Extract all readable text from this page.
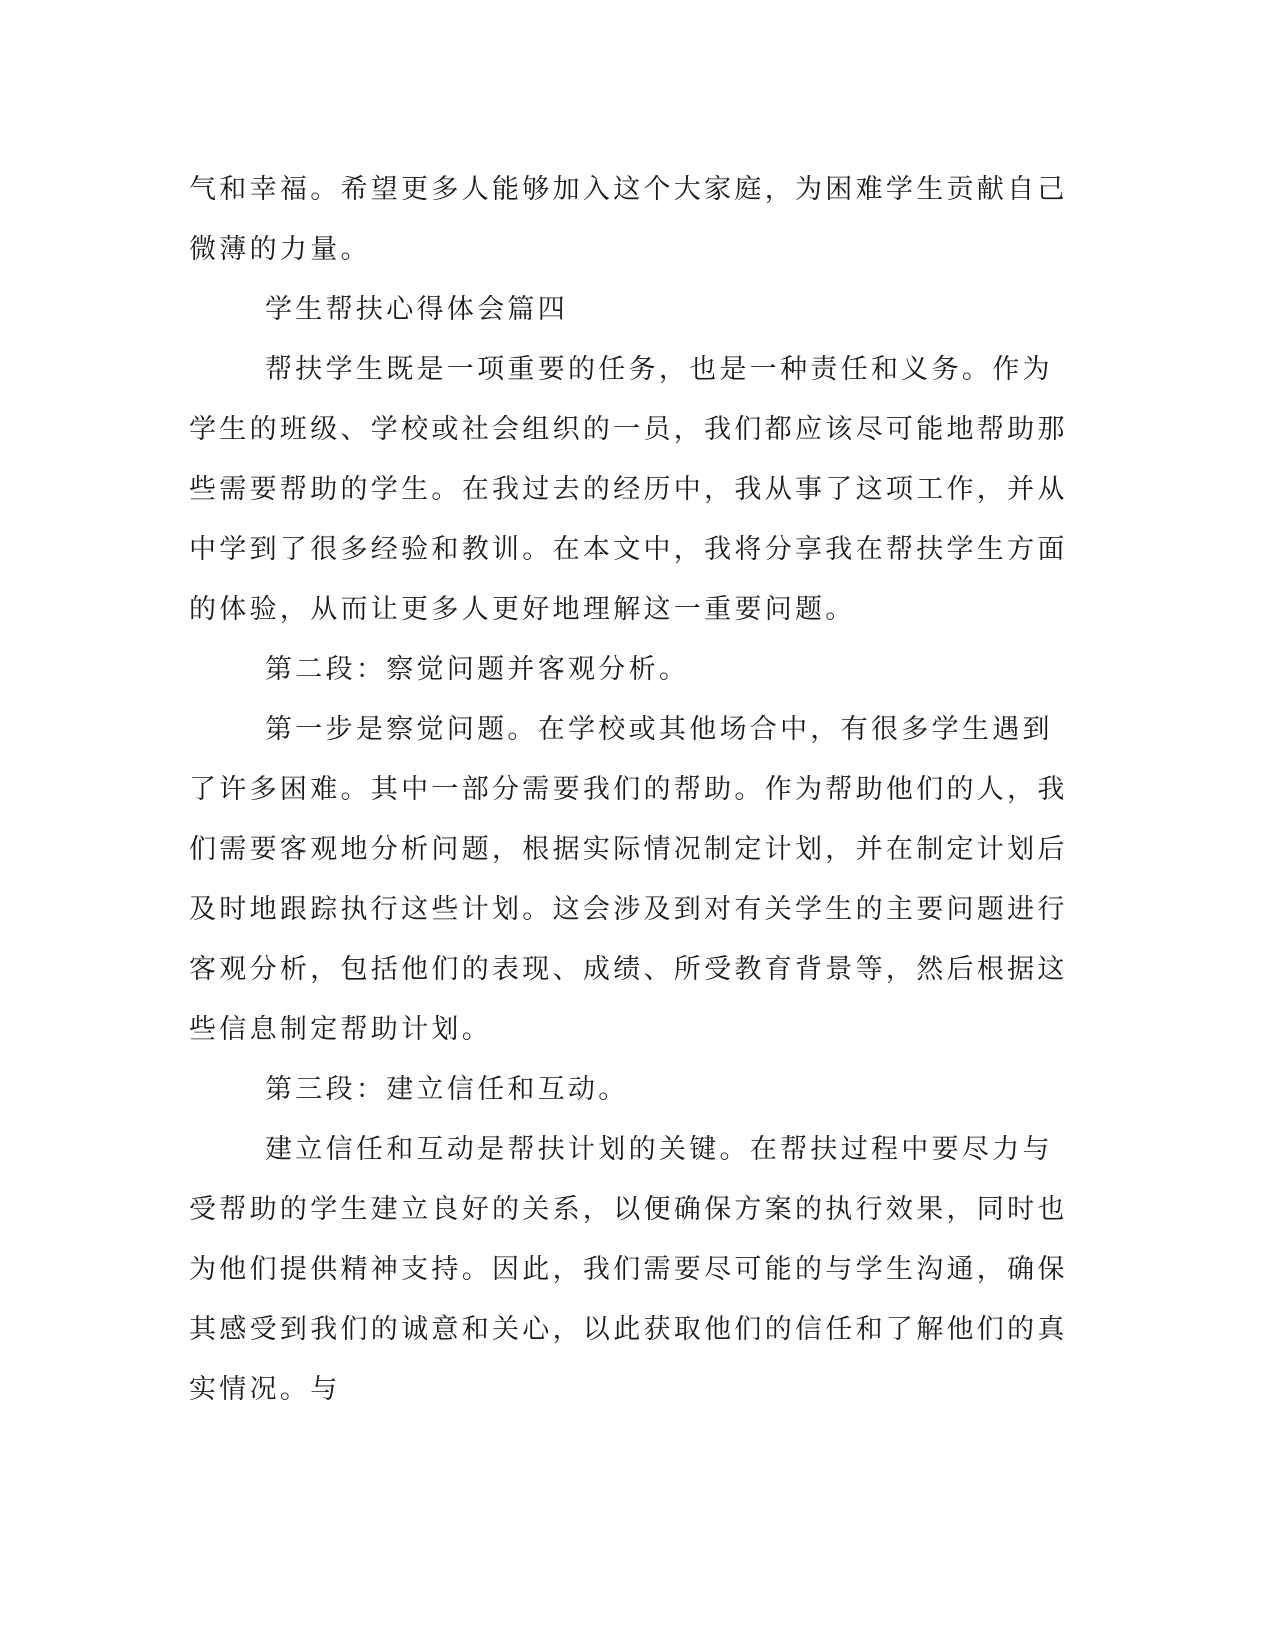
气和幸福。希望更多人能够加入这个大家庭，为困难学生贡献自己微薄的力量。

学生帮扶心得体会篇四

帮扶学生既是一项重要的任务，也是一种责任和义务。作为学生的班级、学校或社会组织的一员，我们都应该尽可能地帮助那些需要帮助的学生。在我过去的经历中，我从事了这项工作，并从中学到了很多经验和教训。在本文中，我将分享我在帮扶学生方面的体验，从而让更多人更好地理解这一重要问题。

第二段：察觉问题并客观分析。

第一步是察觉问题。在学校或其他场合中，有很多学生遇到了许多困难。其中一部分需要我们的帮助。作为帮助他们的人，我们需要客观地分析问题，根据实际情况制定计划，并在制定计划后及时地跟踪执行这些计划。这会涉及到对有关学生的主要问题进行客观分析，包括他们的表现、成绩、所受教育背景等，然后根据这些信息制定帮助计划。

第三段：建立信任和互动。

建立信任和互动是帮扶计划的关键。在帮扶过程中要尽力与受帮助的学生建立良好的关系，以便确保方案的执行效果，同时也为他们提供精神支持。因此，我们需要尽可能的与学生沟通，确保其感受到我们的诚意和关心，以此获取他们的信任和了解他们的真实情况。与
